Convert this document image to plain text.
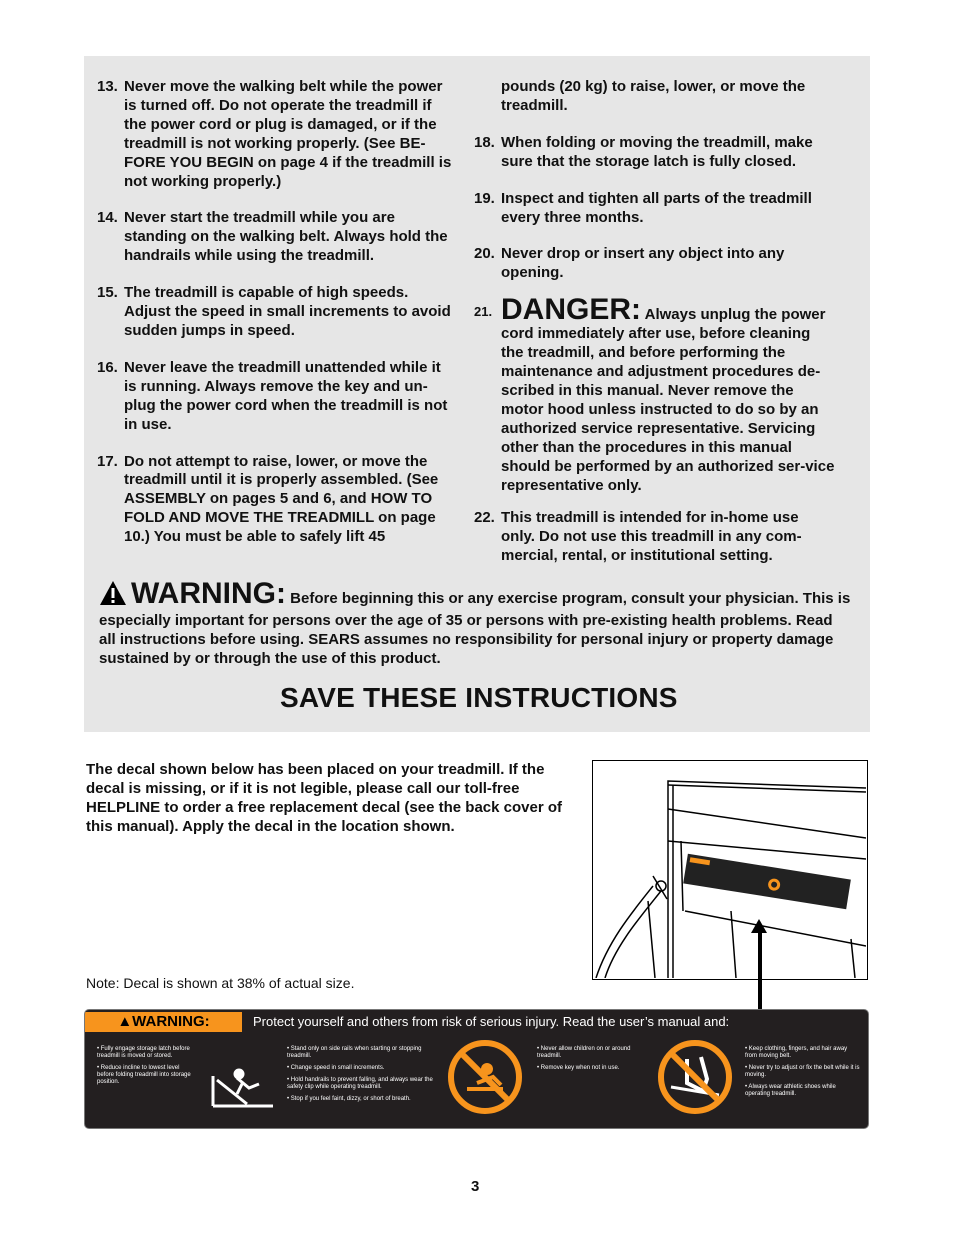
13. Never move the walking belt while the power is turned off. Do not operate the treadmill if the power cord or plug is damaged, or if the treadmill is not working properly. (See BE-FORE YOU BEGIN on page 4 if the treadmill is not working properly.)
14. Never start the treadmill while you are standing on the walking belt. Always hold the handrails while using the treadmill.
15. The treadmill is capable of high speeds. Adjust the speed in small increments to avoid sudden jumps in speed.
16. Never leave the treadmill unattended while it is running. Always remove the key and un-plug the power cord when the treadmill is not in use.
17. Do not attempt to raise, lower, or move the treadmill until it is properly assembled. (See ASSEMBLY on pages 5 and 6, and HOW TO FOLD AND MOVE THE TREADMILL on page 10.) You must be able to safely lift 45
pounds (20 kg) to raise, lower, or move the treadmill.
18. When folding or moving the treadmill, make sure that the storage latch is fully closed.
19. Inspect and tighten all parts of the treadmill every three months.
20. Never drop or insert any object into any opening.
21. DANGER: Always unplug the power cord immediately after use, before cleaning the treadmill, and before performing the maintenance and adjustment procedures de-scribed in this manual. Never remove the motor hood unless instructed to do so by an authorized service representative. Servicing other than the procedures in this manual should be performed by an authorized ser-vice representative only.
22. This treadmill is intended for in-home use only. Do not use this treadmill in any com-mercial, rental, or institutional setting.
WARNING: Before beginning this or any exercise program, consult your physician. This is especially important for persons over the age of 35 or persons with pre-existing health problems. Read all instructions before using. SEARS assumes no responsibility for personal injury or property damage sustained by or through the use of this product.
SAVE THESE INSTRUCTIONS
The decal shown below has been placed on your treadmill. If the decal is missing, or if it is not legible, please call our toll-free HELPLINE to order a free replacement decal (see the back cover of this manual). Apply the decal in the location shown.
Note: Decal is shown at 38% of actual size.
▲WARNING:	Protect yourself and others from risk of serious injury. Read the user’s manual and:

• Fully engage storage latch before treadmill is moved or stored.

• Reduce incline to lowest level before folding treadmill into storage position.

• Stand only on side rails when starting or stopping treadmill.

• Change speed in small increments.

• Hold handrails to prevent falling, and always wear the safety clip while operating treadmill.

• Stop if you feel faint, dizzy, or short of breath.

• Never allow children on or around treadmill.

• Remove key when not in use.

• Keep clothing, fingers, and hair away from moving belt.

• Never try to adjust or fix the belt while it is moving.

• Always wear athletic shoes while operating treadmill.

3
